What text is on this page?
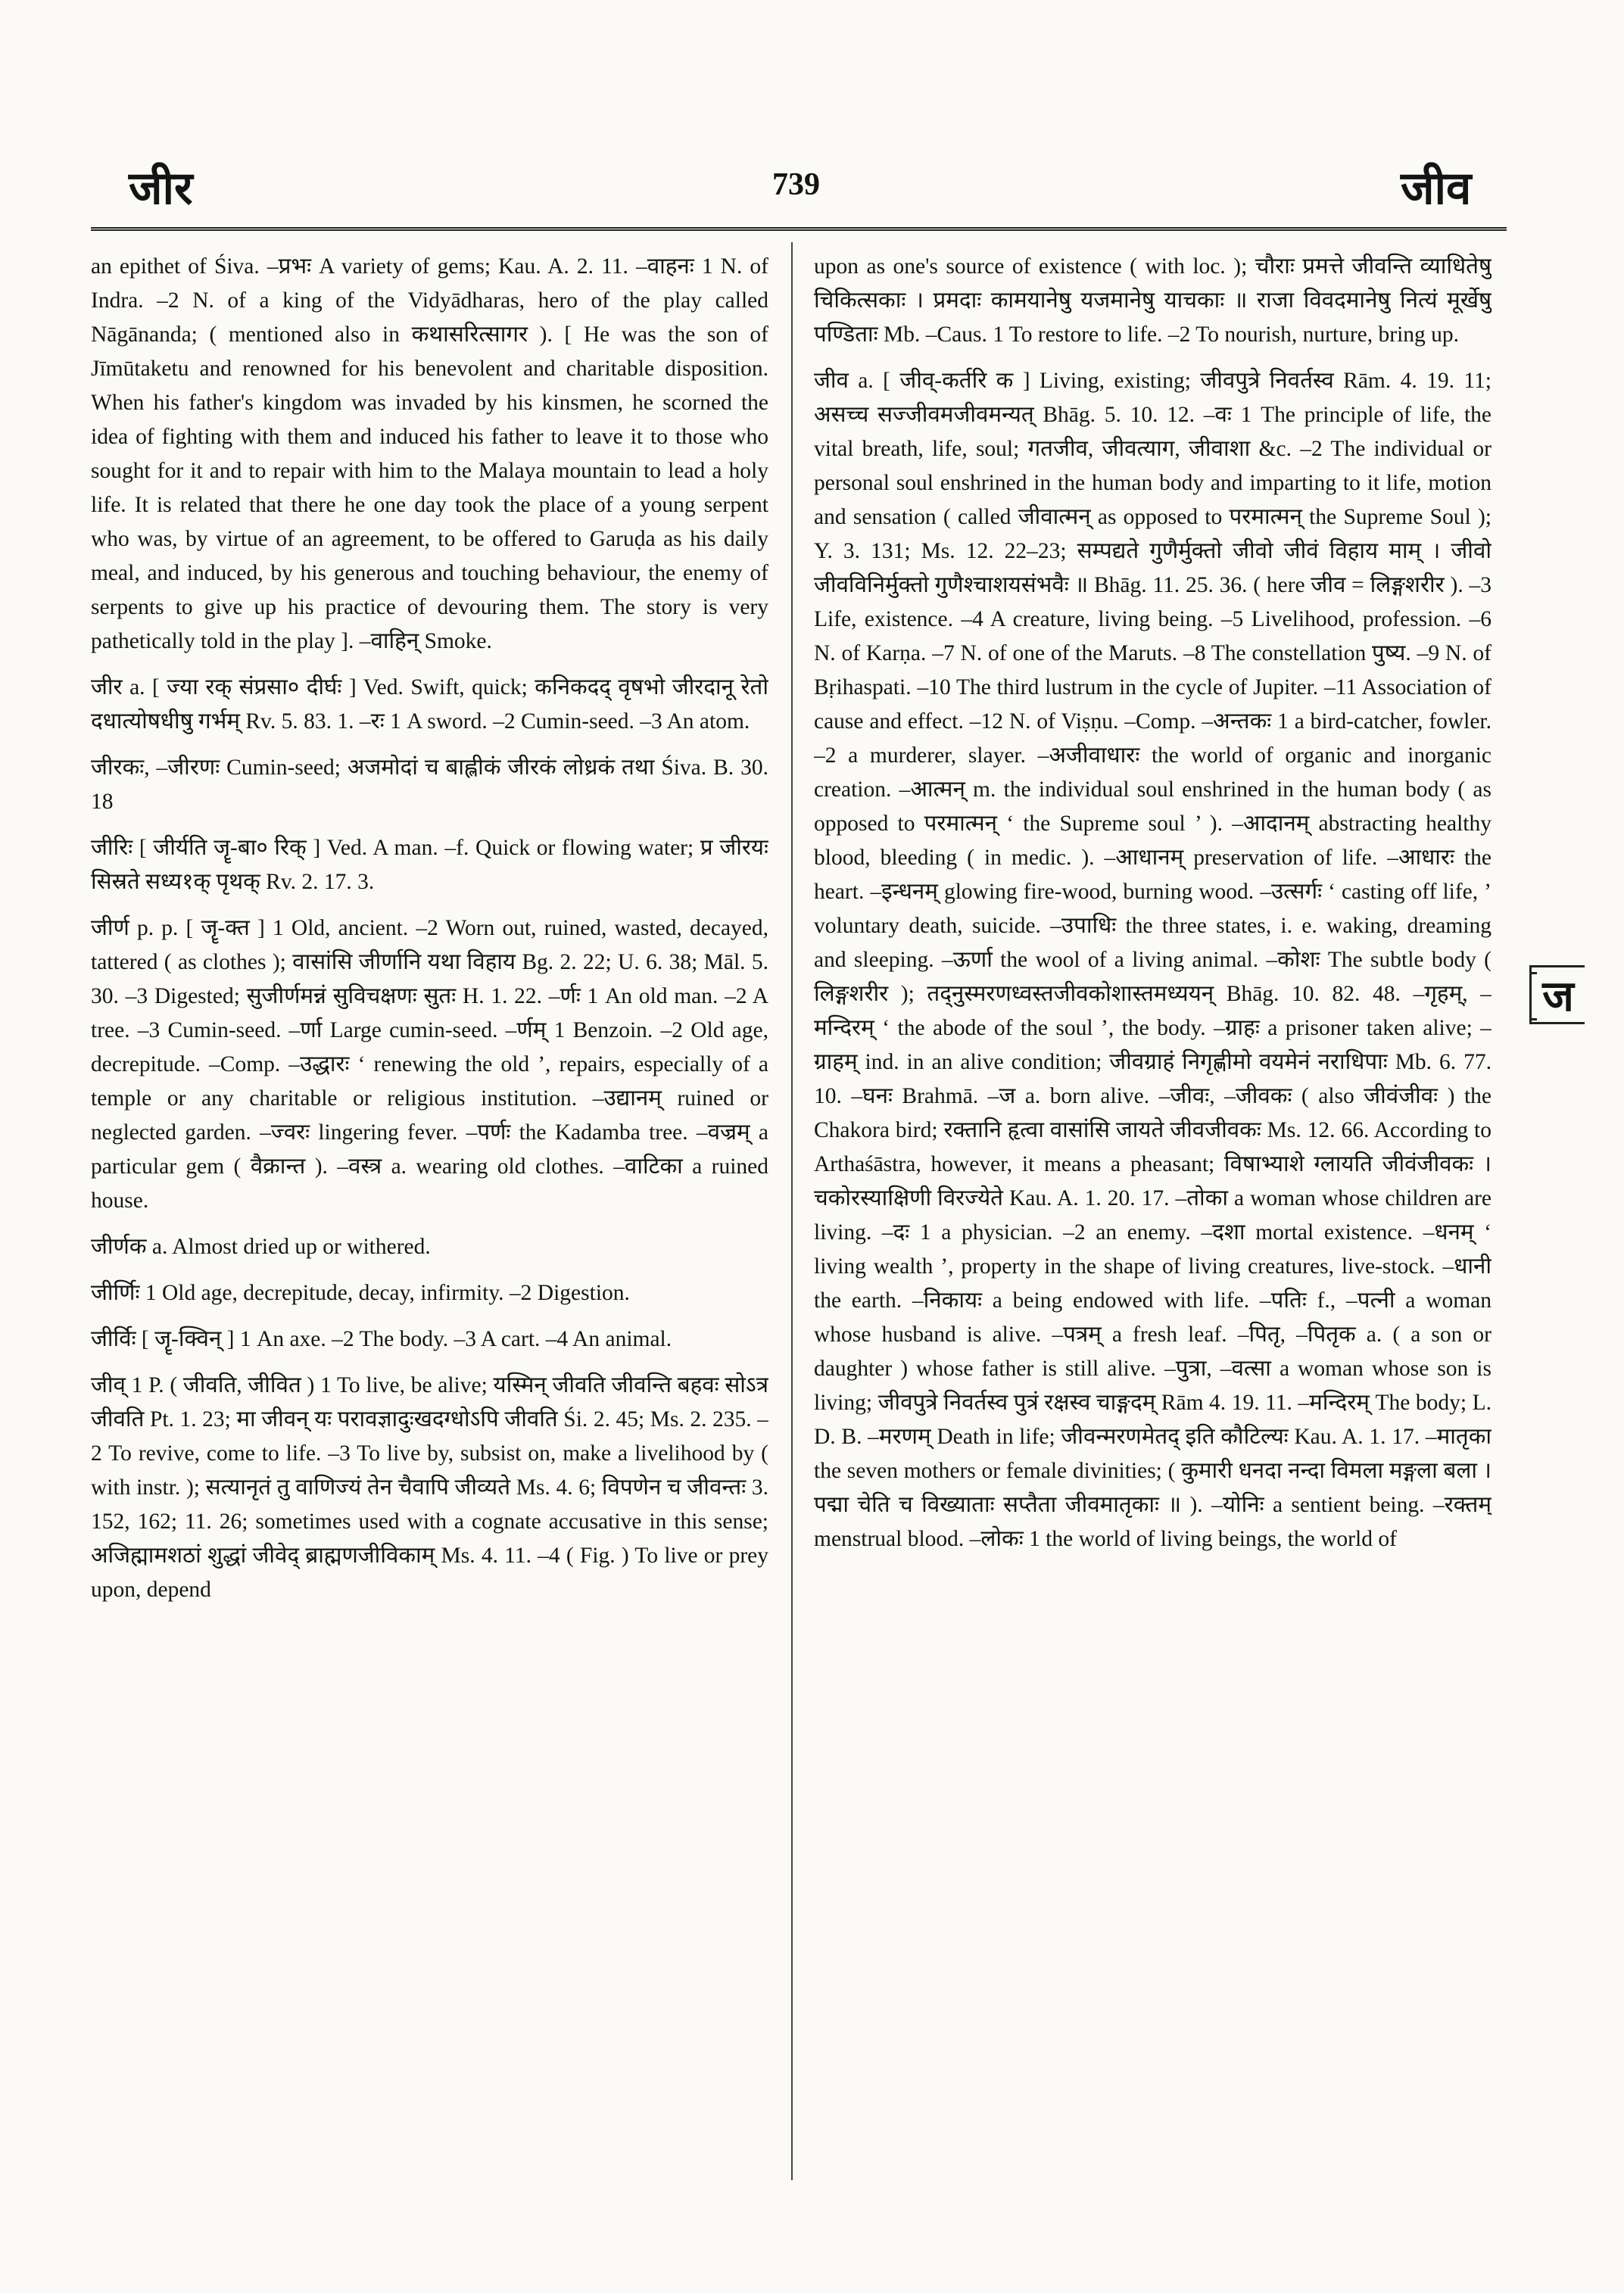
जीर	739	जीव

an epithet of Śiva. –प्रभः A variety of gems; Kau. A. 2. 11. –वाहनः 1 N. of Indra. –2 N. of a king of the Vidyādharas, hero of the play called Nāgānanda; ( mentioned also in कथासरित्सागर ). [ He was the son of Jīmūtaketu and renowned for his benevolent and charitable disposition. When his father's kingdom was invaded by his kinsmen, he scorned the idea of fighting with them and induced his father to leave it to those who sought for it and to repair with him to the Malaya mountain to lead a holy life. It is related that there he one day took the place of a young serpent who was, by virtue of an agreement, to be offered to Garuḍa as his daily meal, and induced, by his generous and touching behaviour, the enemy of serpents to give up his practice of devouring them. The story is very pathetically told in the play ]. –वाहिन् Smoke.

जीर a. [ ज्या रक् संप्रसा० दीर्घः ] Ved. Swift, quick; कनिकदद् वृषभो जीरदानू रेतो दधात्योषधीषु गर्भम् Rv. 5. 83. 1. –रः 1 A sword. –2 Cumin-seed. –3 An atom.

जीरकः, –जीरणः Cumin-seed; अजमोदां च बाह्लीकं जीरकं लोध्रकं तथा Śiva. B. 30. 18

जीरिः [ जीर्यति जॄ-बा० रिक् ] Ved. A man. –f. Quick or flowing water; प्र जीरयः सिस्रते सध्य१क् पृथक् Rv. 2. 17. 3.

जीर्ण p. p. [ जॄ-क्त ] 1 Old, ancient. –2 Worn out, ruined, wasted, decayed, tattered ( as clothes ); वासांसि जीर्णानि यथा विहाय Bg. 2. 22; U. 6. 38; Māl. 5. 30. –3 Digested; सुजीर्णमन्नं सुविचक्षणः सुतः H. 1. 22. –र्णः 1 An old man. –2 A tree. –3 Cumin-seed. –र्णा Large cumin-seed. –र्णम् 1 Benzoin. –2 Old age, decrepitude. –Comp. –उद्धारः ‘ renewing the old ’, repairs, especially of a temple or any charitable or religious institution. –उद्यानम् ruined or neglected garden. –ज्वरः lingering fever. –पर्णः the Kadamba tree. –वज्रम् a particular gem ( वैक्रान्त ). –वस्त्र a. wearing old clothes. –वाटिका a ruined house.

जीर्णक a. Almost dried up or withered.

जीर्णिः 1 Old age, decrepitude, decay, infirmity. –2 Digestion.

जीर्विः [ जॄ-क्विन् ] 1 An axe. –2 The body. –3 A cart. –4 An animal.

जीव् 1 P. ( जीवति, जीवित ) 1 To live, be alive; यस्मिन् जीवति जीवन्ति बहवः सोऽत्र जीवति Pt. 1. 23; मा जीवन् यः परावज्ञादुःखदग्धोऽपि जीवति Śi. 2. 45; Ms. 2. 235. –2 To revive, come to life. –3 To live by, subsist on, make a livelihood by ( with instr. ); सत्यानृतं तु वाणिज्यं तेन चैवापि जीव्यते Ms. 4. 6; विपणेन च जीवन्तः 3. 152, 162; 11. 26; sometimes used with a cognate accusative in this sense; अजिह्मामशठां शुद्धां जीवेद् ब्राह्मणजीविकाम् Ms. 4. 11. –4 ( Fig. ) To live or prey upon, depend

upon as one's source of existence ( with loc. ); चौराः प्रमत्ते जीवन्ति व्याधितेषु चिकित्सकाः । प्रमदाः कामयानेषु यजमानेषु याचकाः ॥ राजा विवदमानेषु नित्यं मूर्खेषु पण्डिताः Mb. –Caus. 1 To restore to life. –2 To nourish, nurture, bring up.

जीव a. [ जीव्-कर्तरि क ] Living, existing; जीवपुत्रे निवर्तस्व Rām. 4. 19. 11; असच्च सज्जीवमजीवमन्यत् Bhāg. 5. 10. 12. –वः 1 The principle of life, the vital breath, life, soul; गतजीव, जीवत्याग, जीवाशा &c. –2 The individual or personal soul enshrined in the human body and imparting to it life, motion and sensation ( called जीवात्मन् as opposed to परमात्मन् the Supreme Soul ); Y. 3. 131; Ms. 12. 22–23; सम्पद्यते गुणैर्मुक्तो जीवो जीवं विहाय माम् । जीवो जीवविनिर्मुक्तो गुणैश्चाशयसंभवैः ॥ Bhāg. 11. 25. 36. ( here जीव = लिङ्गशरीर ). –3 Life, existence. –4 A creature, living being. –5 Livelihood, profession. –6 N. of Karṇa. –7 N. of one of the Maruts. –8 The constellation पुष्य. –9 N. of Bṛihaspati. –10 The third lustrum in the cycle of Jupiter. –11 Association of cause and effect. –12 N. of Viṣṇu. –Comp. –अन्तकः 1 a bird-catcher, fowler. –2 a murderer, slayer. –अजीवाधारः the world of organic and inorganic creation. –आत्मन् m. the individual soul enshrined in the human body ( as opposed to परमात्मन् ‘ the Supreme soul ’ ). –आदानम् abstracting healthy blood, bleeding ( in medic. ). –आधानम् preservation of life. –आधारः the heart. –इन्धनम् glowing fire-wood, burning wood. –उत्सर्गः ‘ casting off life, ’ voluntary death, suicide. –उपाधिः the three states, i. e. waking, dreaming and sleeping. –ऊर्णा the wool of a living animal. –कोशः The subtle body ( लिङ्गशरीर ); तद्नुस्मरणध्वस्तजीवकोशास्तमध्ययन् Bhāg. 10. 82. 48. –गृहम्, –मन्दिरम् ‘ the abode of the soul ’, the body. –ग्राहः a prisoner taken alive; –ग्राहम् ind. in an alive condition; जीवग्राहं निगृह्णीमो वयमेनं नराधिपाः Mb. 6. 77. 10. –घनः Brahmā. –ज a. born alive. –जीवः, –जीवकः ( also जीवंजीवः ) the Chakora bird; रक्तानि हृत्वा वासांसि जायते जीवजीवकः Ms. 12. 66. According to Arthaśāstra, however, it means a pheasant; विषाभ्याशे ग्लायति जीवंजीवकः । चकोरस्याक्षिणी विरज्येते Kau. A. 1. 20. 17. –तोका a woman whose children are living. –दः 1 a physician. –2 an enemy. –दशा mortal existence. –धनम् ‘ living wealth ’, property in the shape of living creatures, live-stock. –धानी the earth. –निकायः a being endowed with life. –पतिः f., –पत्नी a woman whose husband is alive. –पत्रम् a fresh leaf. –पितृ, –पितृक a. ( a son or daughter ) whose father is still alive. –पुत्रा, –वत्सा a woman whose son is living; जीवपुत्रे निवर्तस्व पुत्रं रक्षस्व चाङ्गदम् Rām 4. 19. 11. –मन्दिरम् The body; L. D. B. –मरणम् Death in life; जीवन्मरणमेतद् इति कौटिल्यः Kau. A. 1. 17. –मातृका the seven mothers or female divinities; ( कुमारी धनदा नन्दा विमला मङ्गला बला । पद्मा चेति च विख्याताः सप्तैता जीवमातृकाः ॥ ). –योनिः a sentient being. –रक्तम् menstrual blood. –लोकः 1 the world of living beings, the world of

ज
